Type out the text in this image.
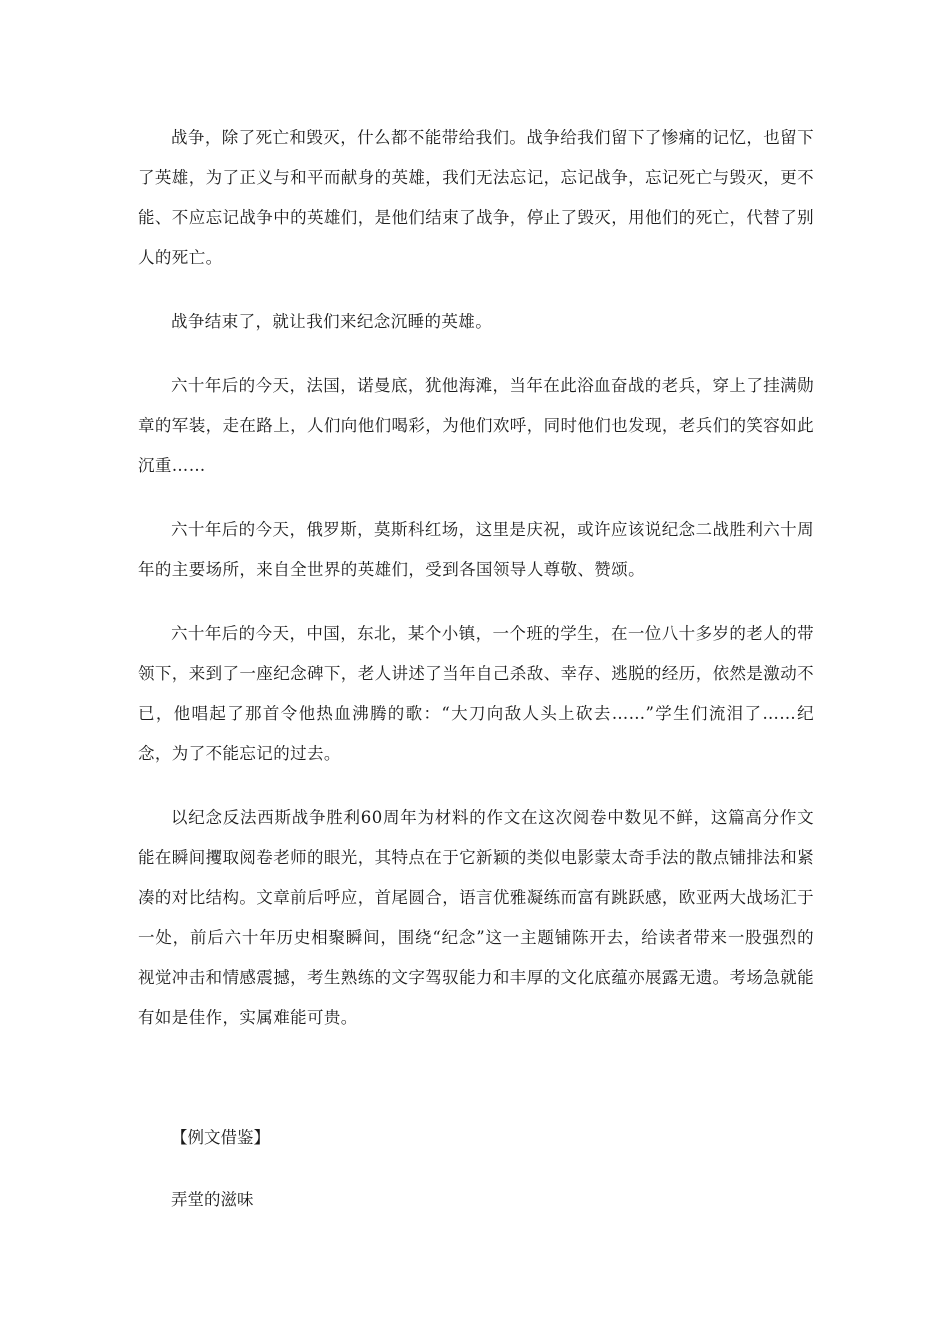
战争，除了死亡和毁灭，什么都不能带给我们。战争给我们留下了惨痛的记忆，也留下了英雄，为了正义与和平而献身的英雄，我们无法忘记，忘记战争，忘记死亡与毁灭，更不能、不应忘记战争中的英雄们，是他们结束了战争，停止了毁灭，用他们的死亡，代替了别人的死亡。

战争结束了，就让我们来纪念沉睡的英雄。

六十年后的今天，法国，诺曼底，犹他海滩，当年在此浴血奋战的老兵，穿上了挂满勋章的军装，走在路上，人们向他们喝彩，为他们欢呼，同时他们也发现，老兵们的笑容如此沉重……

六十年后的今天，俄罗斯，莫斯科红场，这里是庆祝，或许应该说纪念二战胜利六十周年的主要场所，来自全世界的英雄们，受到各国领导人尊敬、赞颂。

六十年后的今天，中国，东北，某个小镇，一个班的学生，在一位八十多岁的老人的带领下，来到了一座纪念碑下，老人讲述了当年自己杀敌、幸存、逃脱的经历，依然是激动不已，他唱起了那首令他热血沸腾的歌：“大刀向敌人头上砍去……”学生们流泪了……纪念，为了不能忘记的过去。

以纪念反法西斯战争胜利60周年为材料的作文在这次阅卷中数见不鲜，这篇高分作文能在瞬间攫取阅卷老师的眼光，其特点在于它新颖的类似电影蒙太奇手法的散点铺排法和紧凑的对比结构。文章前后呼应，首尾圆合，语言优雅凝练而富有跳跃感，欧亚两大战场汇于一处，前后六十年历史相聚瞬间，围绕“纪念”这一主题铺陈开去，给读者带来一股强烈的视觉冲击和情感震撼，考生熟练的文字驾驭能力和丰厚的文化底蕴亦展露无遗。考场急就能有如是佳作，实属难能可贵。

【例文借鉴】

弄堂的滋味
